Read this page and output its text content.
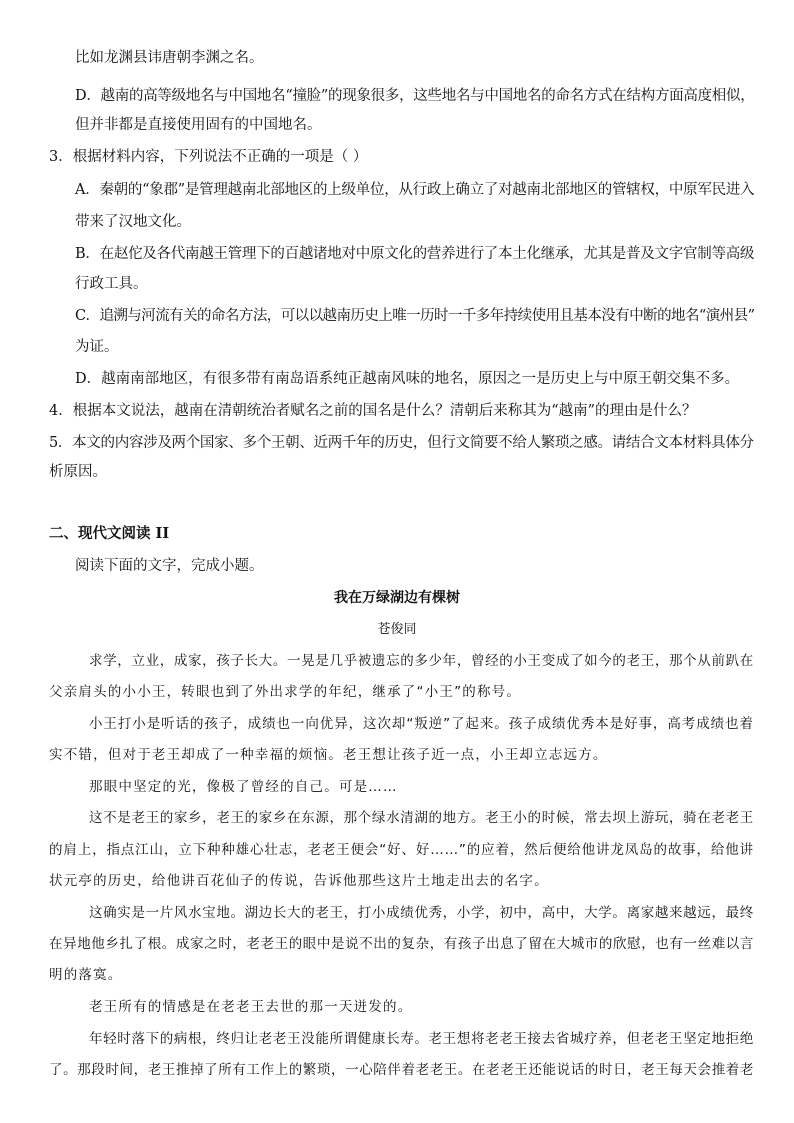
比如龙渊县讳唐朝李渊之名。
D．越南的高等级地名与中国地名“撞脸”的现象很多，这些地名与中国地名的命名方式在结构方面高度相似，
但并非都是直接使用固有的中国地名。
3．根据材料内容，下列说法不正确的一项是（ ）
A．秦朝的“象郡”是管理越南北部地区的上级单位，从行政上确立了对越南北部地区的管辖权，中原军民进入
带来了汉地文化。
B．在赵佗及各代南越王管理下的百越诸地对中原文化的营养进行了本土化继承，尤其是普及文字官制等高级
行政工具。
C．追溯与河流有关的命名方法，可以以越南历史上唯一历时一千多年持续使用且基本没有中断的地名“演州县”
为证。
D．越南南部地区，有很多带有南岛语系纯正越南风味的地名，原因之一是历史上与中原王朝交集不多。
4．根据本文说法，越南在清朝统治者赋名之前的国名是什么？清朝后来称其为“越南”的理由是什么？
5．本文的内容涉及两个国家、多个王朝、近两千年的历史，但行文简要不给人繁琐之感。请结合文本材料具体分
析原因。
二、现代文阅读 II
阅读下面的文字，完成小题。
我在万绿湖边有棵树
苍俊同
求学，立业，成家，孩子长大。一晃是几乎被遗忘的多少年，曾经的小王变成了如今的老王，那个从前趴在
父亲肩头的小小王，转眼也到了外出求学的年纪，继承了“小王”的称号。
小王打小是听话的孩子，成绩也一向优异，这次却“叛逆”了起来。孩子成绩优秀本是好事，高考成绩也着
实不错，但对于老王却成了一种幸福的烦恼。老王想让孩子近一点，小王却立志远方。
那眼中坚定的光，像极了曾经的自己。可是……
这不是老王的家乡，老王的家乡在东源，那个绿水清湖的地方。老王小的时候，常去坝上游玩，骑在老老王
的肩上，指点江山，立下种种雄心壮志，老老王便会“好、好……”的应着，然后便给他讲龙凤岛的故事，给他讲
状元亭的历史，给他讲百花仙子的传说，告诉他那些这片土地走出去的名字。
这确实是一片风水宝地。湖边长大的老王，打小成绩优秀，小学，初中，高中，大学。离家越来越远，最终
在异地他乡扎了根。成家之时，老老王的眼中是说不出的复杂，有孩子出息了留在大城市的欣慰，也有一丝难以言
明的落寞。
老王所有的情感是在老老王去世的那一天迸发的。
年轻时落下的病根，终归让老老王没能所谓健康长寿。老王想将老老王接去省城疗养，但老老王坚定地拒绝
了。那段时间，老王推掉了所有工作上的繁琐，一心陪伴着老老王。在老老王还能说话的时日，老王每天会推着老
